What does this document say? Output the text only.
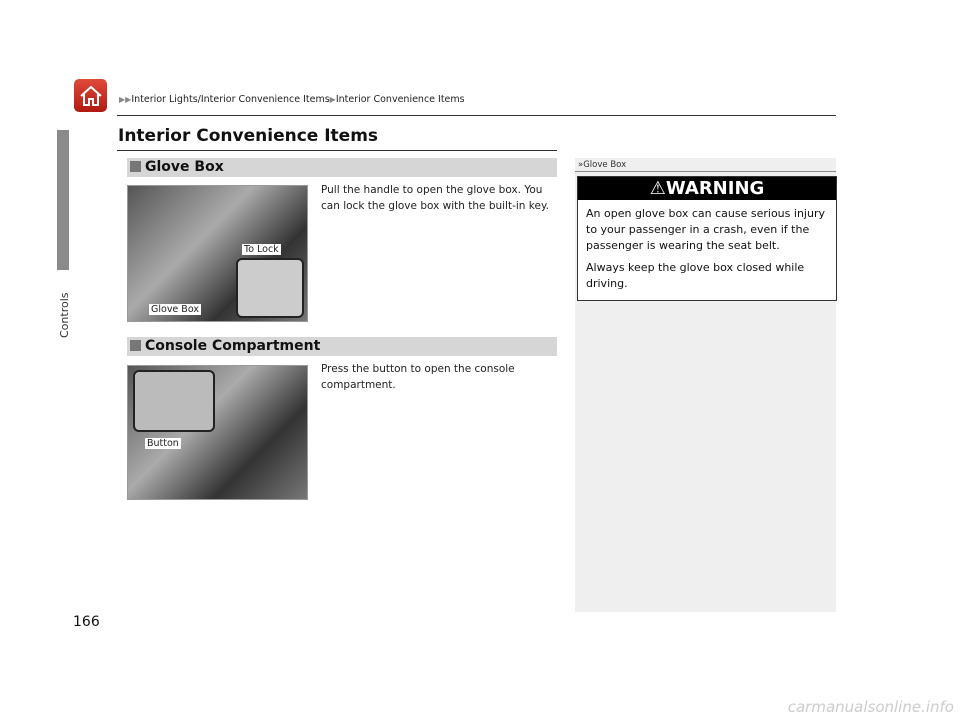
Controls
▶▶Interior Lights/Interior Convenience Items▶Interior Convenience Items
Interior Convenience Items
Glove Box
To Lock
Glove Box
Pull the handle to open the glove box. You can lock the glove box with the built-in key.
Console Compartment
Button
Press the button to open the console compartment.
»Glove Box
⚠WARNING

An open glove box can cause serious injury to your passenger in a crash, even if the passenger is wearing the seat belt.

Always keep the glove box closed while driving.

166
carmanualsonline.info
